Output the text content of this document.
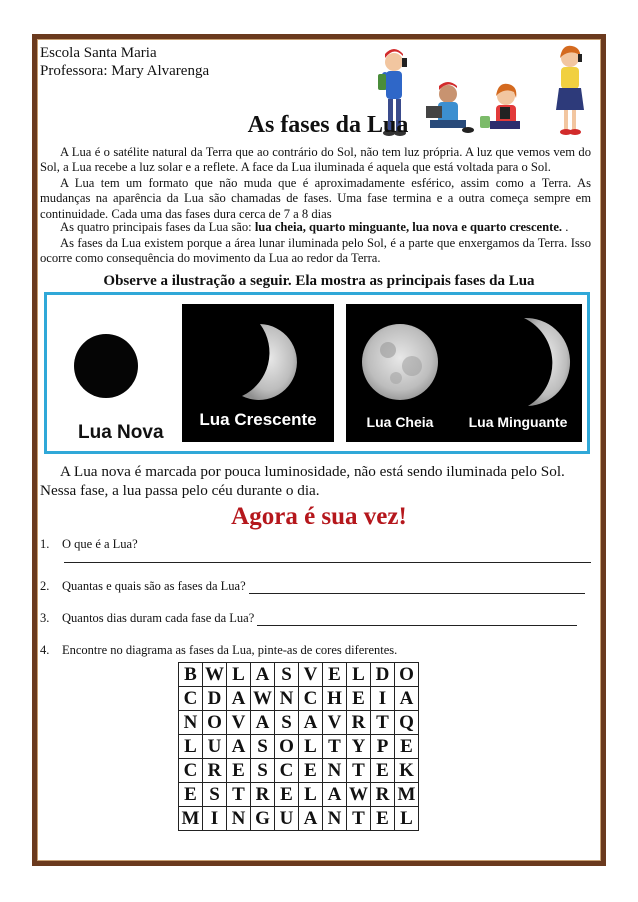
Escola Santa Maria
Professora: Mary Alvarenga
As fases da Lua

A Lua é o satélite natural da Terra que ao contrário do Sol, não tem luz própria. A luz que vemos vem do Sol, a Lua recebe a luz solar e a reflete. A face da Lua iluminada é aquela que está voltada para o Sol.

A Lua tem um formato que não muda que é aproximadamente esférico, assim como a Terra. As mudanças na aparência da Lua são chamadas de fases. Uma fase termina e a outra começa sempre em continuidade. Cada uma das fases dura cerca de 7 a 8 dias

As quatro principais fases da Lua são: lua cheia, quarto minguante, lua nova e quarto crescente. .

As fases da Lua existem porque a área lunar iluminada pelo Sol, é a parte que enxergamos da Terra. Isso ocorre como consequência do movimento da Lua ao redor da Terra.

Observe a ilustração a seguir. Ela mostra as principais fases da Lua
Lua Nova
Lua Crescente	Lua Cheia	Lua Minguante

A Lua nova é marcada por pouca luminosidade, não está sendo iluminada pelo Sol. Nessa fase, a lua passa pelo céu durante o dia.

Agora é sua vez!
1. O que é a Lua?
2. Quantas e quais são as fases da Lua?
3. Quantos dias duram cada fase da Lua?
4. Encontre no diagrama as fases da Lua, pinte-as de cores diferentes.
B	W	L	A	S	V	E	L	D	O
C	D	A	W	N	C	H	E	I	A
N	O	V	A	S	A	V	R	T	Q
L	U	A	S	O	L	T	Y	P	E
C	R	E	S	C	E	N	T	E	K
E	S	T	R	E	L	A	W	R	M
M	I	N	G	U	A	N	T	E	L
